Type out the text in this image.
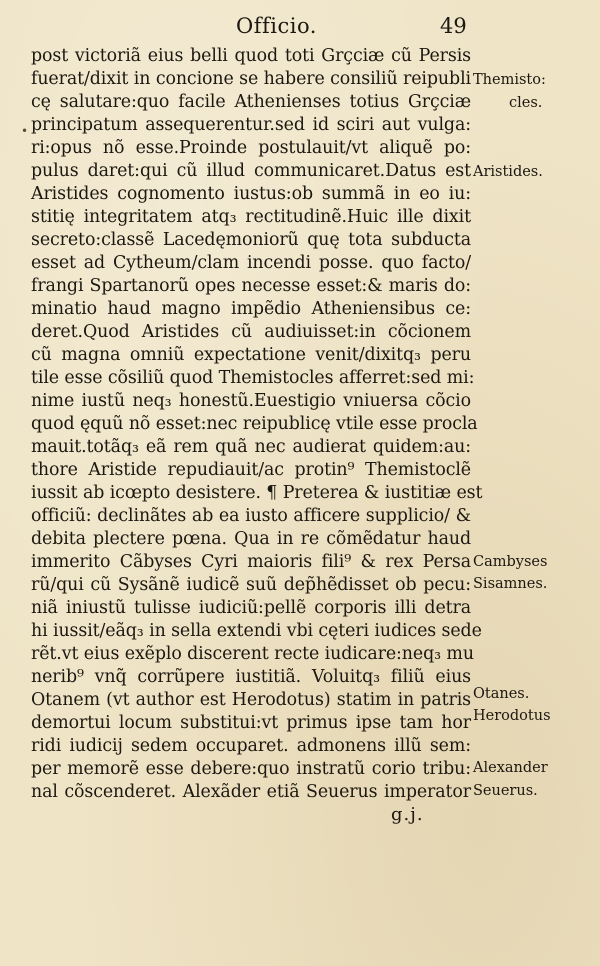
Officio.	49
•
post victoriã eius belli quod toti Grçciæ cũ Persis
fuerat/dixit in concione se habere consiliũ reipubli
cę salutare:quo facile Athenienses totius Grçciæ
principatum assequerentur.sed id sciri aut vulga:
ri:opus nõ esse.Proinde postulauit/vt aliquẽ po:
pulus daret:qui cũ illud communicaret.Datus est
Aristides cognomento iustus:ob summã in eo iu:
stitię integritatem atq₃ rectitudinẽ.Huic ille dixit
secreto:classẽ Lacedęmoniorũ quę tota subducta
esset ad Cytheum/clam incendi posse. quo facto/
frangi Spartanorũ opes necesse esset:& maris do:
minatio haud magno impẽdio Atheniensibus ce:
deret.Quod Aristides cũ audiuisset:in cõcionem
cũ magna omniũ expectatione venit/dixitq₃ peru
tile esse cõsiliũ quod Themistocles afferret:sed mi:
nime iustũ neq₃ honestũ.Euestigio vniuersa cõcio
quod ęquũ nõ esset:nec reipublicę vtile esse procla
mauit.totãq₃ eã rem quã nec audierat quidem:au:
thore Aristide repudiauit/ac protin⁹ Themistoclẽ
iussit ab icœpto desistere. ¶ Preterea & iustitiæ est
officiũ: declinãtes ab ea iusto afficere supplicio/ &
debita plectere pœna. Qua in re cõmẽdatur haud
immerito Cãbyses Cyri maioris fili⁹ & rex Persa
rũ/qui cũ Sysãnẽ iudicẽ suũ dep̃hẽdisset ob pecu:
niã iniustũ tulisse iudiciũ:pellẽ corporis illi detra
hi iussit/eãq₃ in sella extendi vbi cęteri iudices sede
rẽt.vt eius exẽplo discerent recte iudicare:neq₃ mu
nerib⁹ vnq̃ corrũpere iustitiã. Voluitq₃ filiũ eius
Otanem (vt author est Herodotus) statim in patris
demortui locum substitui:vt primus ipse tam hor
ridi iudicij sedem occuparet. admonens illũ sem:
per memorẽ esse debere:quo instratũ corio tribu:
nal cõscenderet. Alexãder etiã Seuerus imperator
Themisto:
cles.
Aristides.
Cambyses
Sisamnes.
Otanes.
Herodotus
Alexander
Seuerus.
g.j.
